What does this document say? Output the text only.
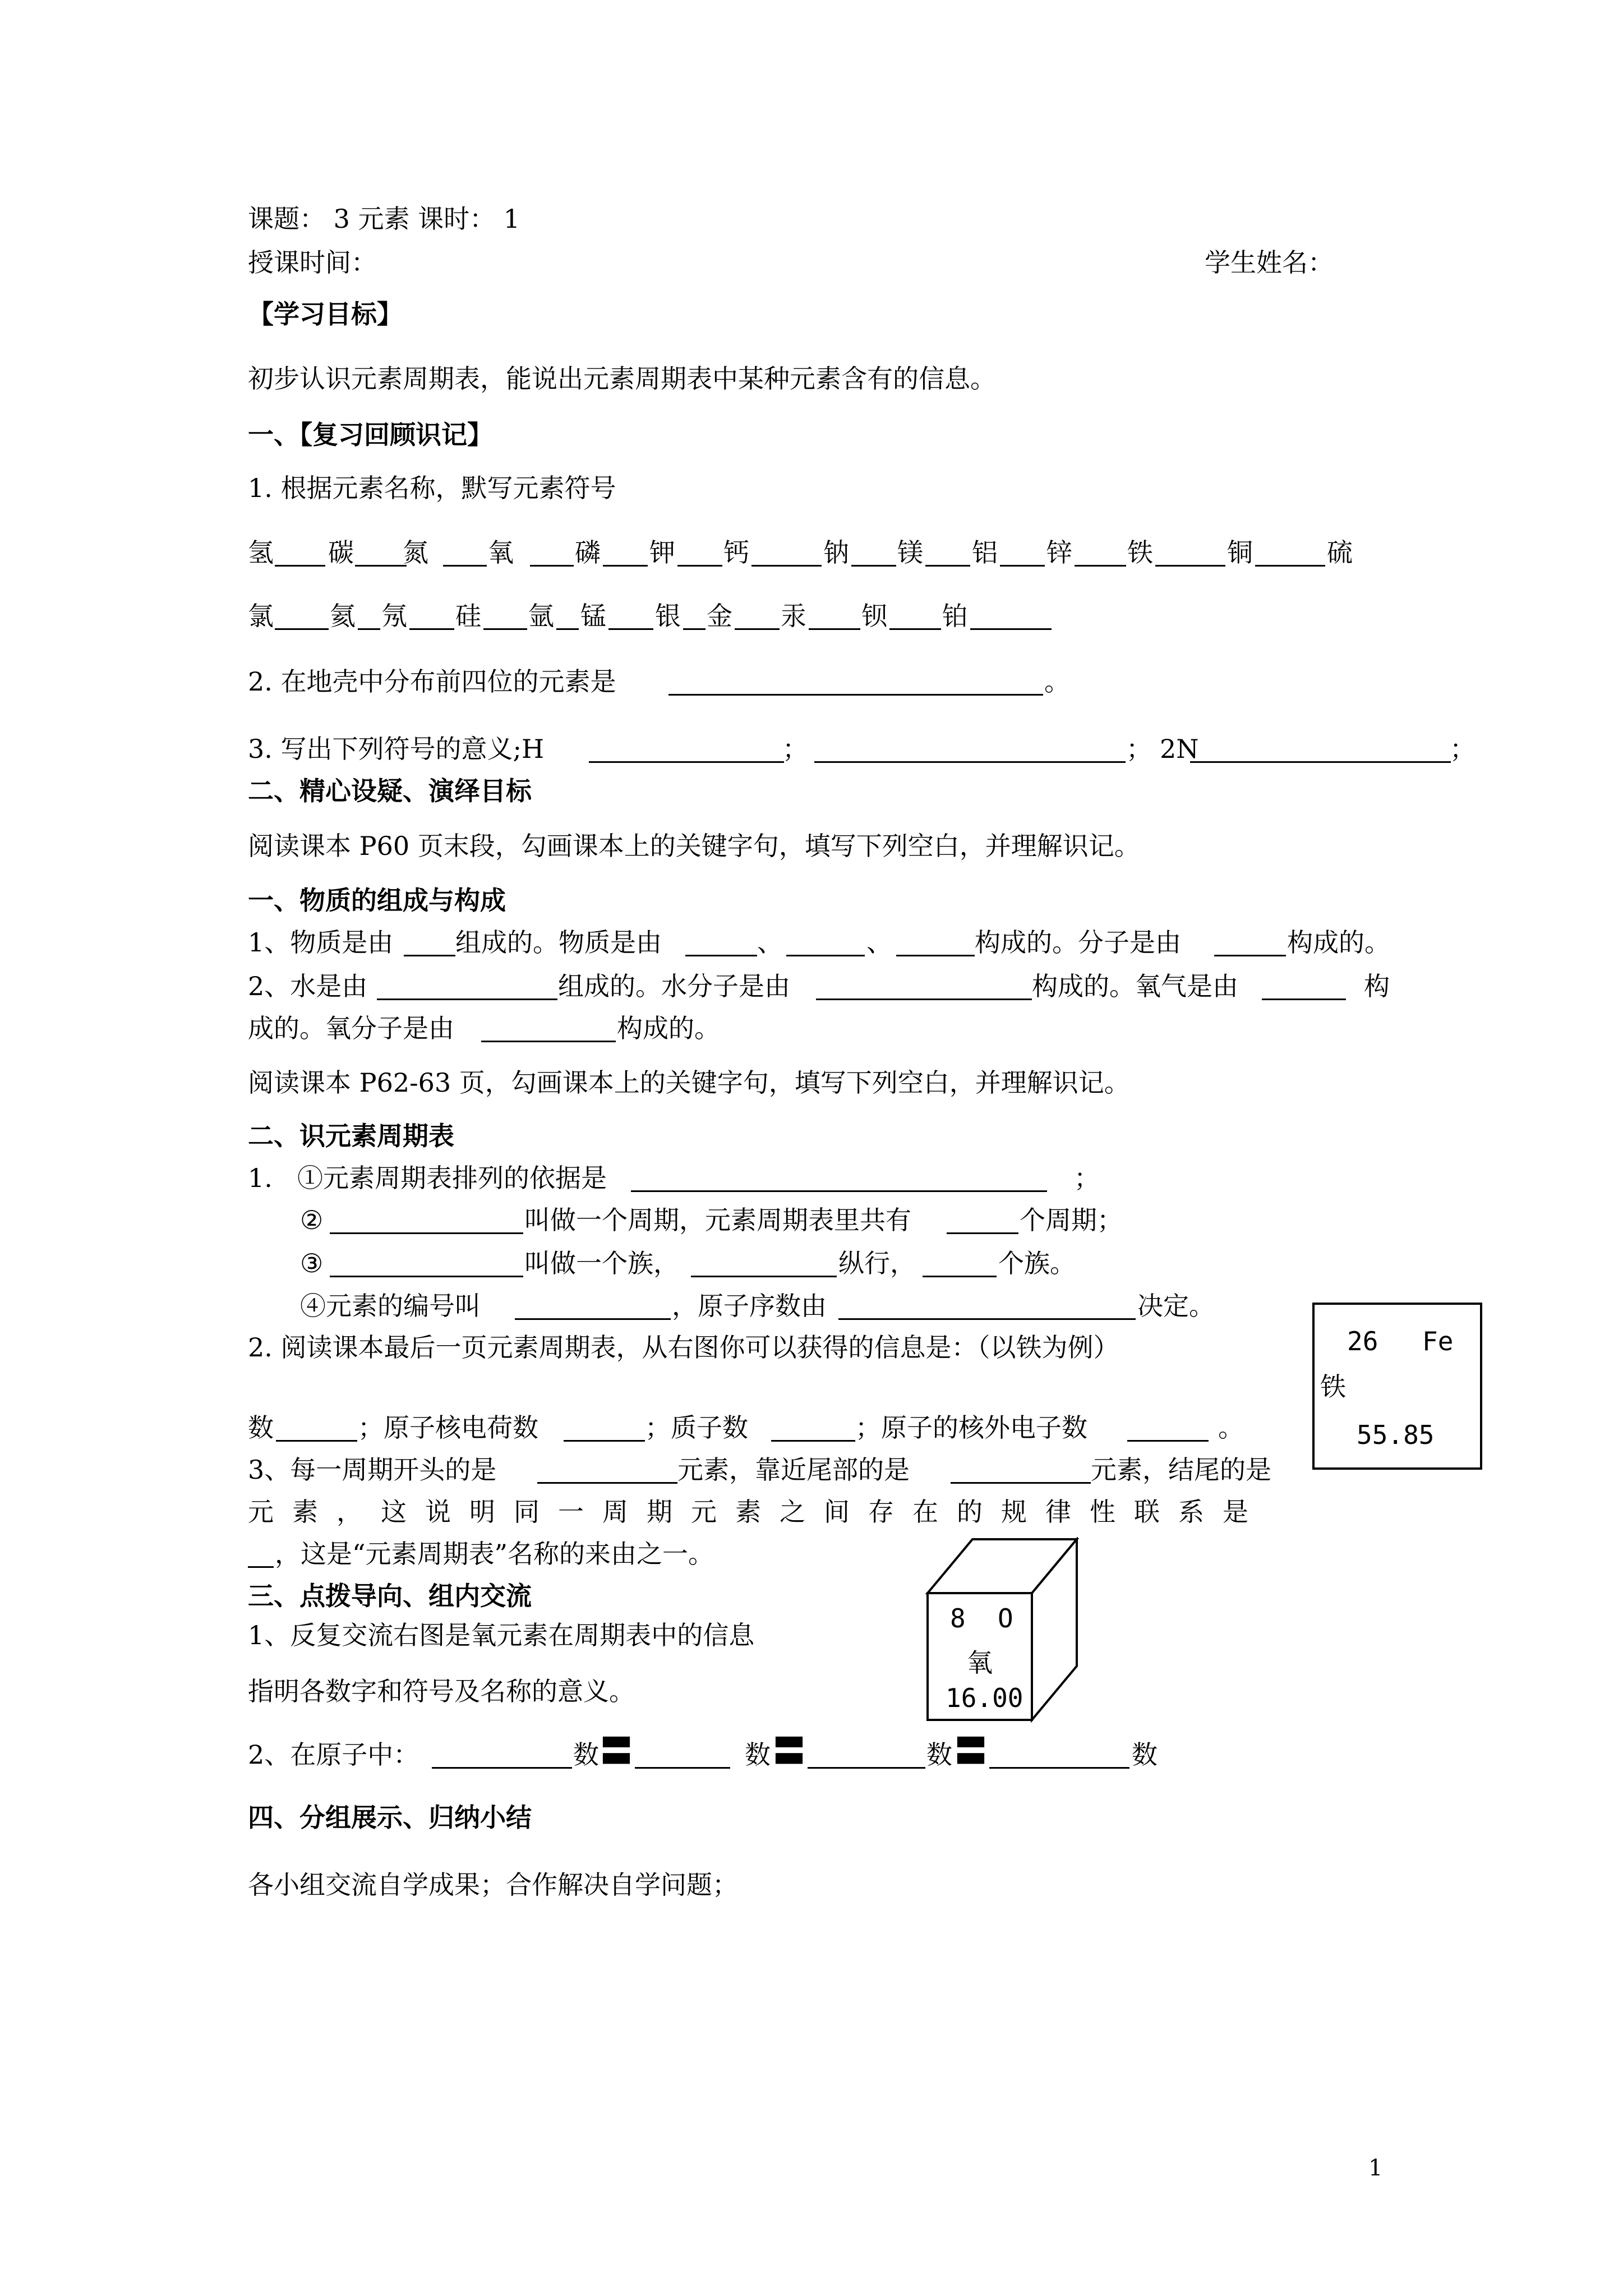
课题： 3 元素 课时： 1
授课时间：	学生姓名：
【学习目标】
初步认识元素周期表，能说出元素周期表中某种元素含有的信息。
一、【复习回顾识记】
1. 根据元素名称，默写元素符号
氢 碳 氮 氧 磷 钾 钙	钠 镁 铝 锌 铁	铜	硫
氯 氦 氖 硅 氩 锰 银 金 汞 钡 铂
2. 在地壳中分布前四位的元素是	。
3. 写出下列符号的意义;H	；	； 2N	；
二、精心设疑、演绎目标
阅读课本 P60 页末段，勾画课本上的关键字句，填写下列空白，并理解识记。
一、物质的组成与构成
1、物质是由 组成的。物质是由	、	、	构成的。分子是由	构成的。
2、水是由	组成的。水分子是由	构成的。氧气是由	构
成的。氧分子是由	构成的。
阅读课本 P62-63 页，勾画课本上的关键字句，填写下列空白，并理解识记。
二、识元素周期表
1. ①元素周期表排列的依据是	；
②	叫做一个周期，元素周期表里共有	个周期；
③	叫做一个族，	纵行，	个族。
④元素的编号叫	，原子序数由	决定。
2. 阅读课本最后一页元素周期表，从右图你可以获得的信息是：（以铁为例）
数	；原子核电荷数	；质子数	；原子的核外电子数	。
3、每一周期开头的是	元素，靠近尾部的是	元素，结尾的是
元素，这说明同一周期元素之间存在的规律性联系是
，这是“元素周期表”名称的来由之一。
26 Fe
铁
55.85
三、点拨导向、组内交流
1、反复交流右图是氧元素在周期表中的信息
指明各数字和符号及名称的意义。
8 O
氧
16.00
2、在原子中：	数 〓	数 〓	数 〓	数
四、分组展示、归纳小结
各小组交流自学成果；合作解决自学问题；
1
